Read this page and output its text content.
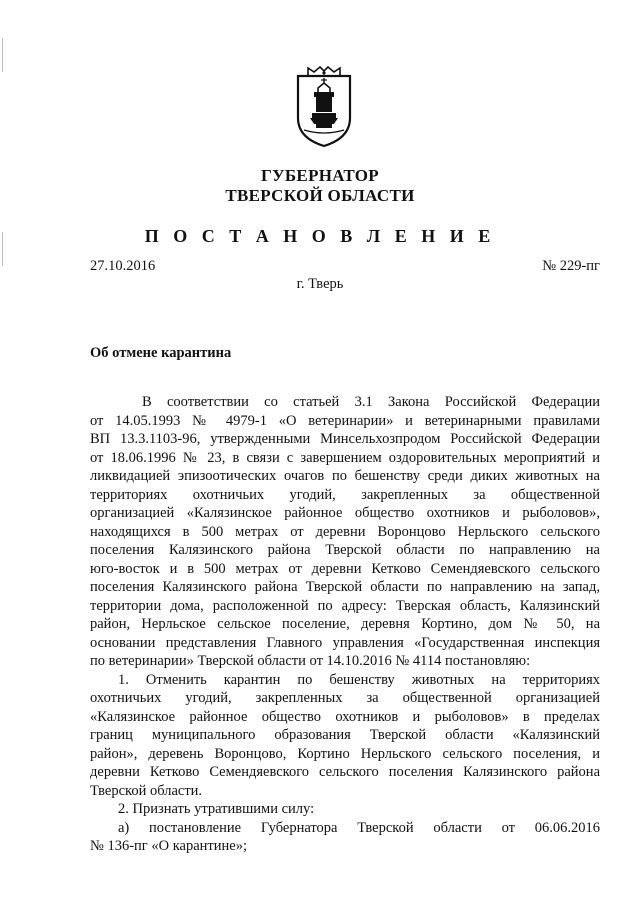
ГУБЕРНАТОР
ТВЕРСКОЙ ОБЛАСТИ
П О С Т А Н О В Л Е Н И Е
27.10.2016	№ 229-пг
г. Тверь
Об отмене карантина

В соответствии со статьей 3.1 Закона Российской Федерации
от 14.05.1993 № 4979-1 «О ветеринарии» и ветеринарными правилами
ВП 13.3.1103-96, утвержденными Минсельхозпродом Российской Федерации
от 18.06.1996 № 23, в связи с завершением оздоровительных мероприятий и
ликвидацией эпизоотических очагов по бешенству среди диких животных на
территориях охотничьих угодий, закрепленных за общественной
организацией «Калязинское районное общество охотников и рыболовов»,
находящихся в 500 метрах от деревни Воронцово Нерльского сельского
поселения Калязинского района Тверской области по направлению на
юго-восток и в 500 метрах от деревни Кетково Семендяевского сельского
поселения Калязинского района Тверской области по направлению на запад,
территории дома, расположенной по адресу: Тверская область, Калязинский
район, Нерльское сельское поселение, деревня Кортино, дом № 50, на
основании представления Главного управления «Государственная инспекция
по ветеринарии» Тверской области от 14.10.2016 № 4114 постановляю:

1. Отменить карантин по бешенству животных на территориях
охотничьих угодий, закрепленных за общественной организацией
«Калязинское районное общество охотников и рыболовов» в пределах
границ муниципального образования Тверской области «Калязинский
район», деревень Воронцово, Кортино Нерльского сельского поселения, и
деревни Кетково Семендяевского сельского поселения Калязинского района
Тверской области.

2. Признать утратившими силу:

а) постановление Губернатора Тверской области от 06.06.2016
№ 136-пг «О карантине»;
